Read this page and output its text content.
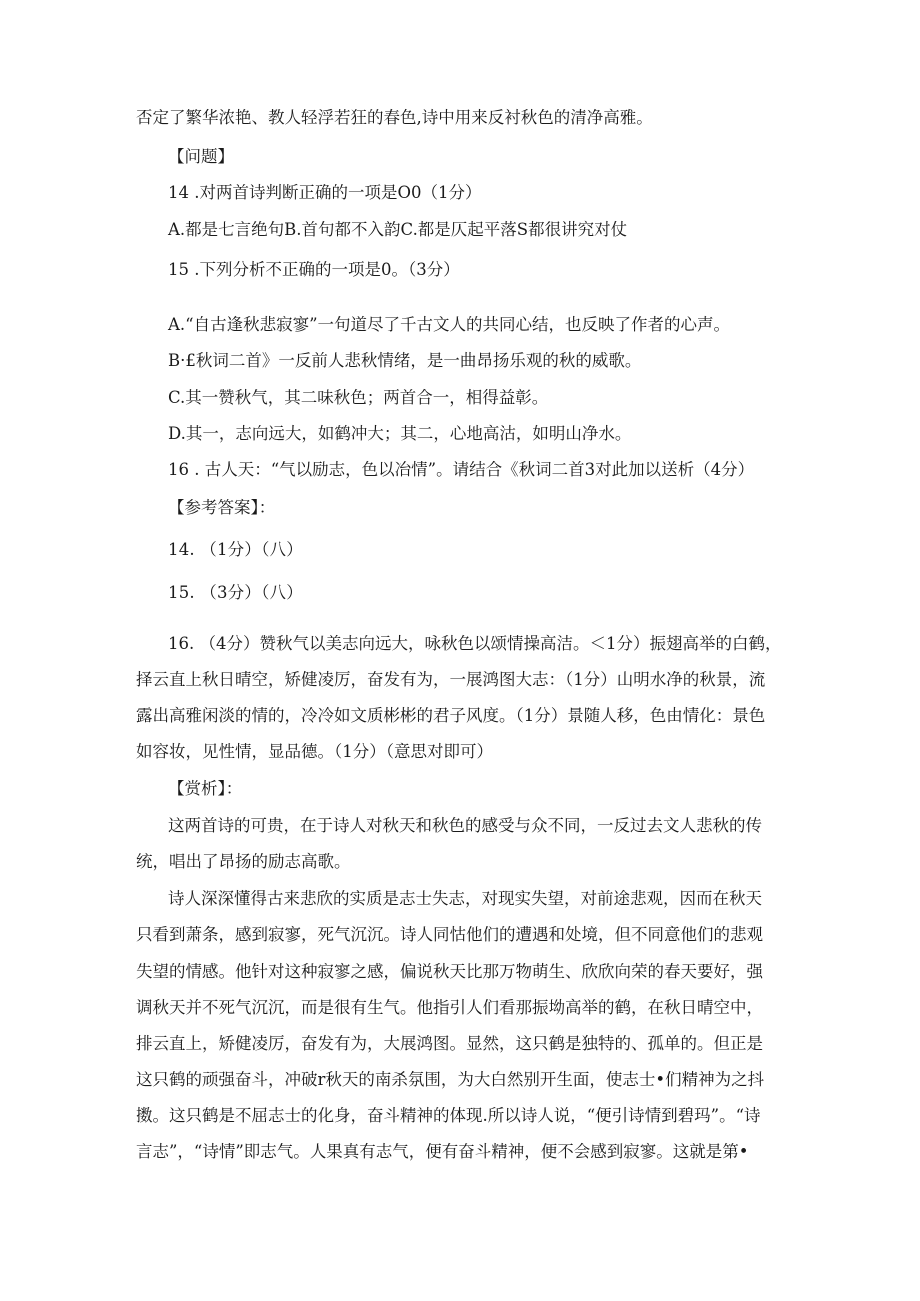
否定了繁华浓艳、教人轻浮若狂的春色,诗中用来反衬秋色的清净高雅。
【问题】
14 .对两首诗判断正确的一项是O0（1分）
A.都是七言绝句B.首句都不入韵C.都是仄起平落S都很讲究对仗
15 .下列分析不正确的一项是0。（3分）
A.“自古逢秋悲寂寥”一句道尽了千古文人的共同心结，也反映了作者的心声。
B·£秋词二首》一反前人悲秋情绪，是一曲昂扬乐观的秋的威歌。
C.其一赞秋气，其二味秋色；两首合一，相得益彰。
D.其一，志向远大，如鹤冲大；其二，心地高沽，如明山净水。
16 . 古人天：“气以励志，色以冶情”。请结合《秋词二首3对此加以送析（4分）
【参考答案】：
14. （1分）（八）
15. （3分）（八）
16. （4分）赞秋气以美志向远大，咏秋色以颂情操高洁。＜1分）振翅高举的白鹤，
择云直上秋日晴空，矫健凌厉，奋发有为，一展鸿图大志：（1分）山明水净的秋景，流
露出高雅闲淡的情的，冷冷如文质彬彬的君子风度。（1分）景随人移，色由情化：景色
如容妆，见性情，显品德。（1分）（意思对即可）
【赏析】：
这两首诗的可贵，在于诗人对秋天和秋色的感受与众不同，一反过去文人悲秋的传
统，唱出了昂扬的励志高歌。
诗人深深懂得古来悲欣的实质是志士失志，对现实失望，对前途悲观，因而在秋天
只看到萧条，感到寂寥，死气沉沉。诗人同怙他们的遭遇和处境，但不同意他们的悲观
失望的情感。他针对这种寂寥之感，偏说秋天比那万物萌生、欣欣向荣的春天要好，强
调秋天并不死气沉沉，而是很有生气。他指引人们看那振坳高举的鹤，在秋日晴空中，
排云直上，矫健凌厉，奋发有为，大展鸿图。显然，这只鹤是独特的、孤单的。但正是
这只鹤的顽强奋斗，冲破r秋天的南杀氛围，为大白然别开生面，使志士•们精神为之抖
擞。这只鹤是不屈志士的化身，奋斗精神的体现.所以诗人说，“便引诗情到碧玛”。“诗
言志”，“诗情”即志气。人果真有志气，便有奋斗精神，便不会感到寂寥。这就是第•
